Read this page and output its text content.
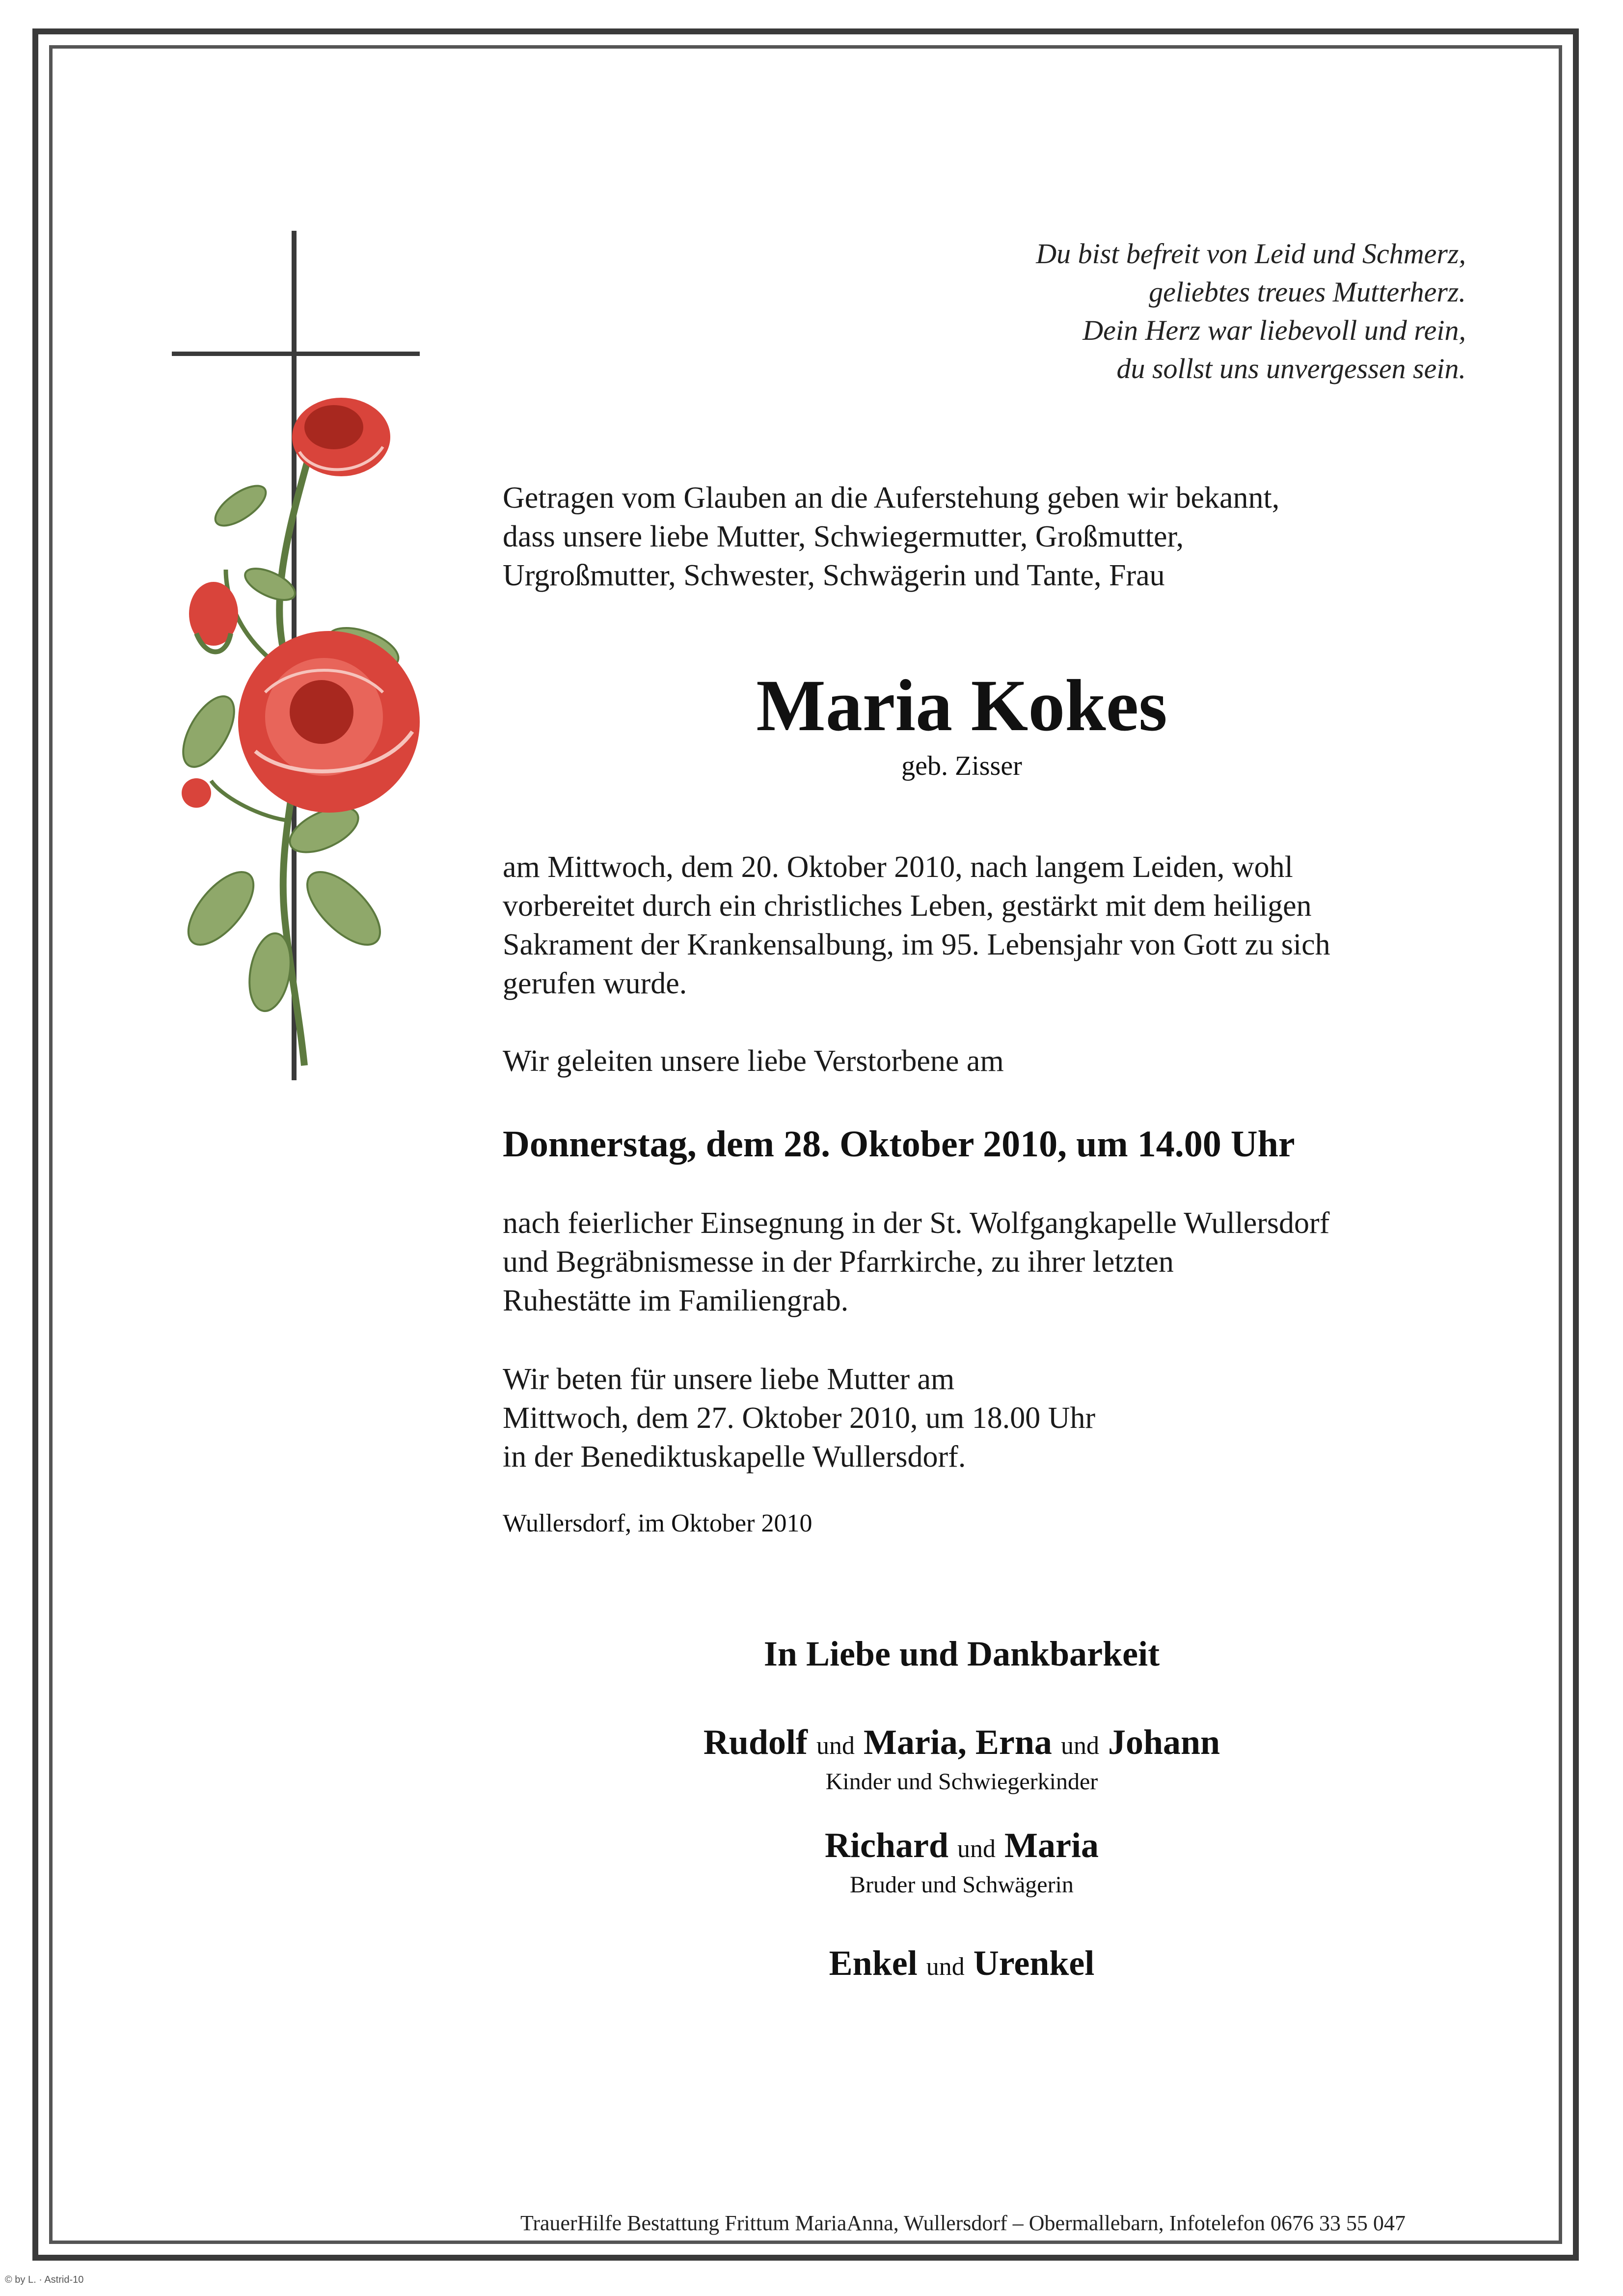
Du bist befreit von Leid und Schmerz,
geliebtes treues Mutterherz.
Dein Herz war liebevoll und rein,
du sollst uns unvergessen sein.
Getragen vom Glauben an die Auferstehung geben wir bekannt,
dass unsere liebe Mutter, Schwiegermutter, Großmutter,
Urgroßmutter, Schwester, Schwägerin und Tante, Frau
Maria Kokes
geb. Zisser
am Mittwoch, dem 20. Oktober 2010, nach langem Leiden, wohl
vorbereitet durch ein christliches Leben, gestärkt mit dem heiligen
Sakrament der Krankensalbung, im 95. Lebensjahr von Gott zu sich
gerufen wurde.
Wir geleiten unsere liebe Verstorbene am
Donnerstag, dem 28. Oktober 2010, um 14.00 Uhr
nach feierlicher Einsegnung in der St. Wolfgangkapelle Wullersdorf
und Begräbnismesse in der Pfarrkirche, zu ihrer letzten
Ruhestätte im Familiengrab.
Wir beten für unsere liebe Mutter am
Mittwoch, dem 27. Oktober 2010, um 18.00 Uhr
in der Benediktuskapelle Wullersdorf.
Wullersdorf, im Oktober 2010
In Liebe und Dankbarkeit
Rudolf und Maria, Erna und Johann
Kinder und Schwiegerkinder
Richard und Maria
Bruder und Schwägerin
Enkel und Urenkel
TrauerHilfe Bestattung Frittum MariaAnna, Wullersdorf – Obermallebarn, Infotelefon 0676 33 55 047
© by L. · Astrid-10
